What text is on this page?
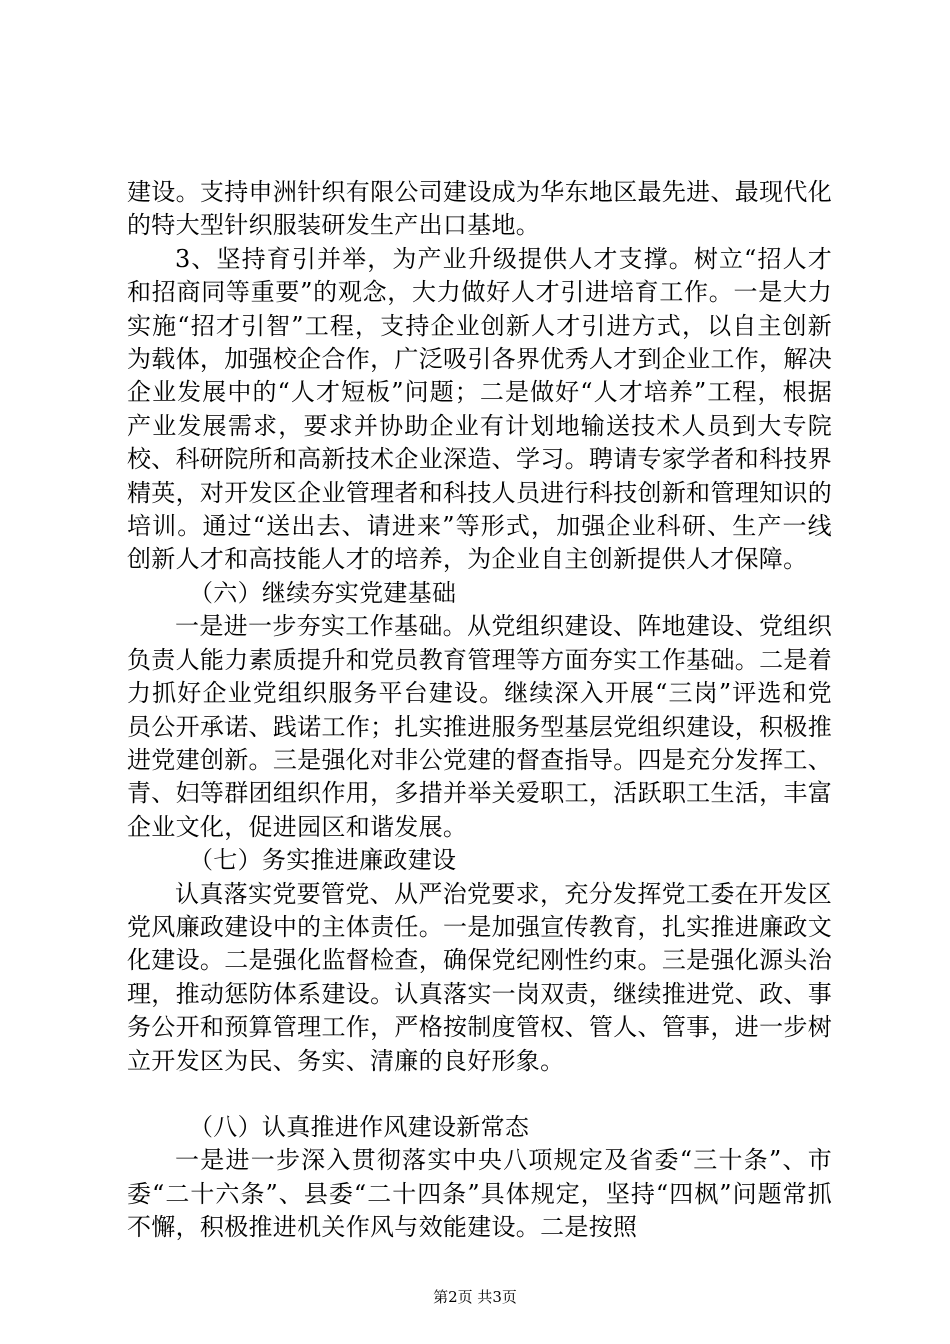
建设。支持申洲针织有限公司建设成为华东地区最先进、最现代化的特大型针织服装研发生产出口基地。

3、坚持育引并举，为产业升级提供人才支撑。树立“招人才和招商同等重要”的观念，大力做好人才引进培育工作。一是大力实施“招才引智”工程，支持企业创新人才引进方式，以自主创新为载体，加强校企合作，广泛吸引各界优秀人才到企业工作，解决企业发展中的“人才短板”问题；二是做好“人才培养”工程，根据产业发展需求，要求并协助企业有计划地输送技术人员到大专院校、科研院所和高新技术企业深造、学习。聘请专家学者和科技界精英，对开发区企业管理者和科技人员进行科技创新和管理知识的培训。通过“送出去、请进来”等形式，加强企业科研、生产一线创新人才和高技能人才的培养，为企业自主创新提供人才保障。

（六）继续夯实党建基础

一是进一步夯实工作基础。从党组织建设、阵地建设、党组织负责人能力素质提升和党员教育管理等方面夯实工作基础。二是着力抓好企业党组织服务平台建设。继续深入开展“三岗”评选和党员公开承诺、践诺工作；扎实推进服务型基层党组织建设，积极推进党建创新。三是强化对非公党建的督查指导。四是充分发挥工、青、妇等群团组织作用，多措并举关爱职工，活跃职工生活，丰富企业文化，促进园区和谐发展。

（七）务实推进廉政建设

认真落实党要管党、从严治党要求，充分发挥党工委在开发区党风廉政建设中的主体责任。一是加强宣传教育，扎实推进廉政文化建设。二是强化监督检查，确保党纪刚性约束。三是强化源头治理，推动惩防体系建设。认真落实一岗双责，继续推进党、政、事务公开和预算管理工作，严格按制度管权、管人、管事，进一步树立开发区为民、务实、清廉的良好形象。

（八）认真推进作风建设新常态

一是进一步深入贯彻落实中央八项规定及省委“三十条”、市委“二十六条”、县委“二十四条”具体规定，坚持“四枫”问题常抓不懈，积极推进机关作风与效能建设。二是按照

第2页 共3页
